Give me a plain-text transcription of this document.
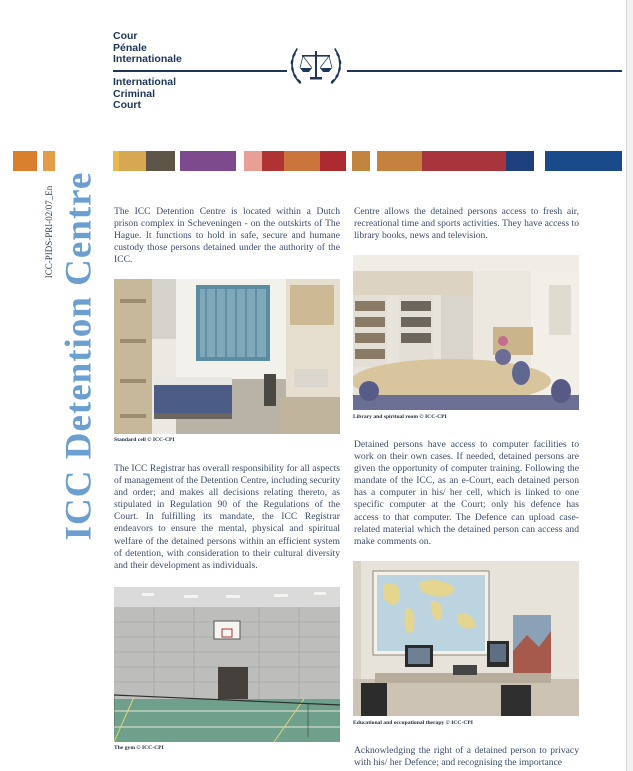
Cour
Pénale
Internationale
International
Criminal
Court
ICC Detention Centre
ICC-PIDS-PRI-02/07_En	The ICC Detention Centre is located within a Dutch prison complex in Scheveningen - on the outskirts of The Hague. It functions to hold in safe, secure and humane custody those persons detained under the authority of the ICC.

Standard cell © ICC-CPI

The ICC Registrar has overall responsibility for all aspects of management of the Detention Centre, including security and order; and makes all decisions relating thereto, as stipulated in Regulation 90 of the Regulations of the Court. In fulfilling its mandate, the ICC Registrar endeavors to ensure the mental, physical and spiritual welfare of the detained persons within an efficient system of detention, with consideration to their cultural diversity and their development as individuals.

The gym © ICC-CPI

Centre allows the detained persons access to fresh air, recreational time and sports activities. They have access to library books, news and television.

Library and spiritual room © ICC-CPI

Detained persons have access to computer facilities to work on their own cases. If needed, detained persons are given the opportunity of computer training. Following the mandate of the ICC, as an e-Court, each detained person has a computer in his/ her cell, which is linked to one specific computer at the Court; only his defence has access to that computer. The Defence can upload case-related material which the detained person can access and make comments on.

Educational and occupational therapy © ICC-CPI

Acknowledging the right of a detained person to privacy with his/ her Defence; and recognising the importance
